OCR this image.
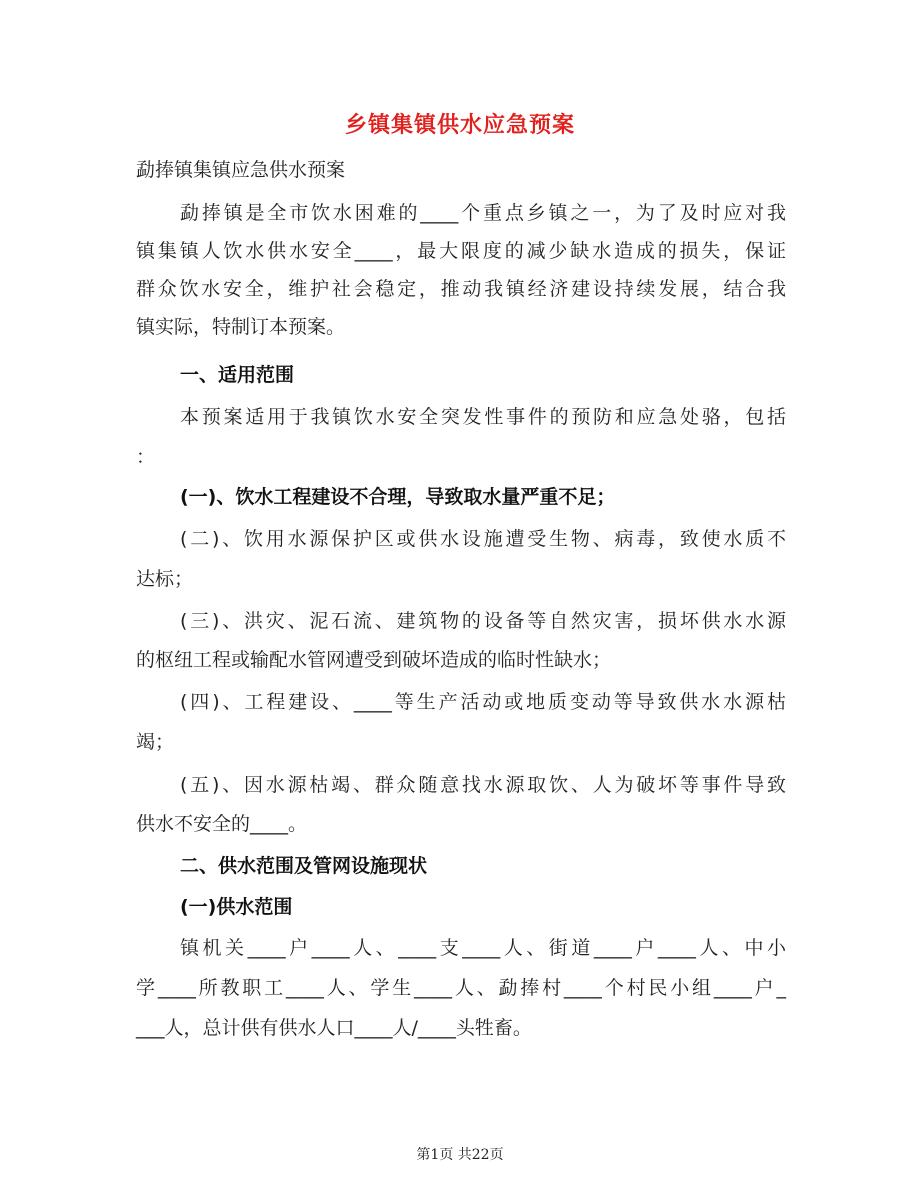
乡镇集镇供水应急预案
勐捧镇集镇应急供水预案
勐捧镇是全市饮水困难的____个重点乡镇之一，为了及时应对我
镇集镇人饮水供水安全____，最大限度的减少缺水造成的损失，保证
群众饮水安全，维护社会稳定，推动我镇经济建设持续发展，结合我
镇实际，特制订本预案。
一、适用范围
本预案适用于我镇饮水安全突发性事件的预防和应急处骆，包括
：
(一)、饮水工程建设不合理，导致取水量严重不足；
(二)、饮用水源保护区或供水设施遭受生物、病毒，致使水质不
达标；
(三)、洪灾、泥石流、建筑物的设备等自然灾害，损坏供水水源
的枢纽工程或输配水管网遭受到破坏造成的临时性缺水；
(四)、工程建设、____等生产活动或地质变动等导致供水水源枯
竭；
(五)、因水源枯竭、群众随意找水源取饮、人为破坏等事件导致
供水不安全的____。
二、供水范围及管网设施现状
(一)供水范围
镇机关____户____人、____支____人、街道____户____人、中小
学____所教职工____人、学生____人、勐捧村____个村民小组____户_
___人，总计供有供水人口____人/____头牲畜。
第1页 共22页
